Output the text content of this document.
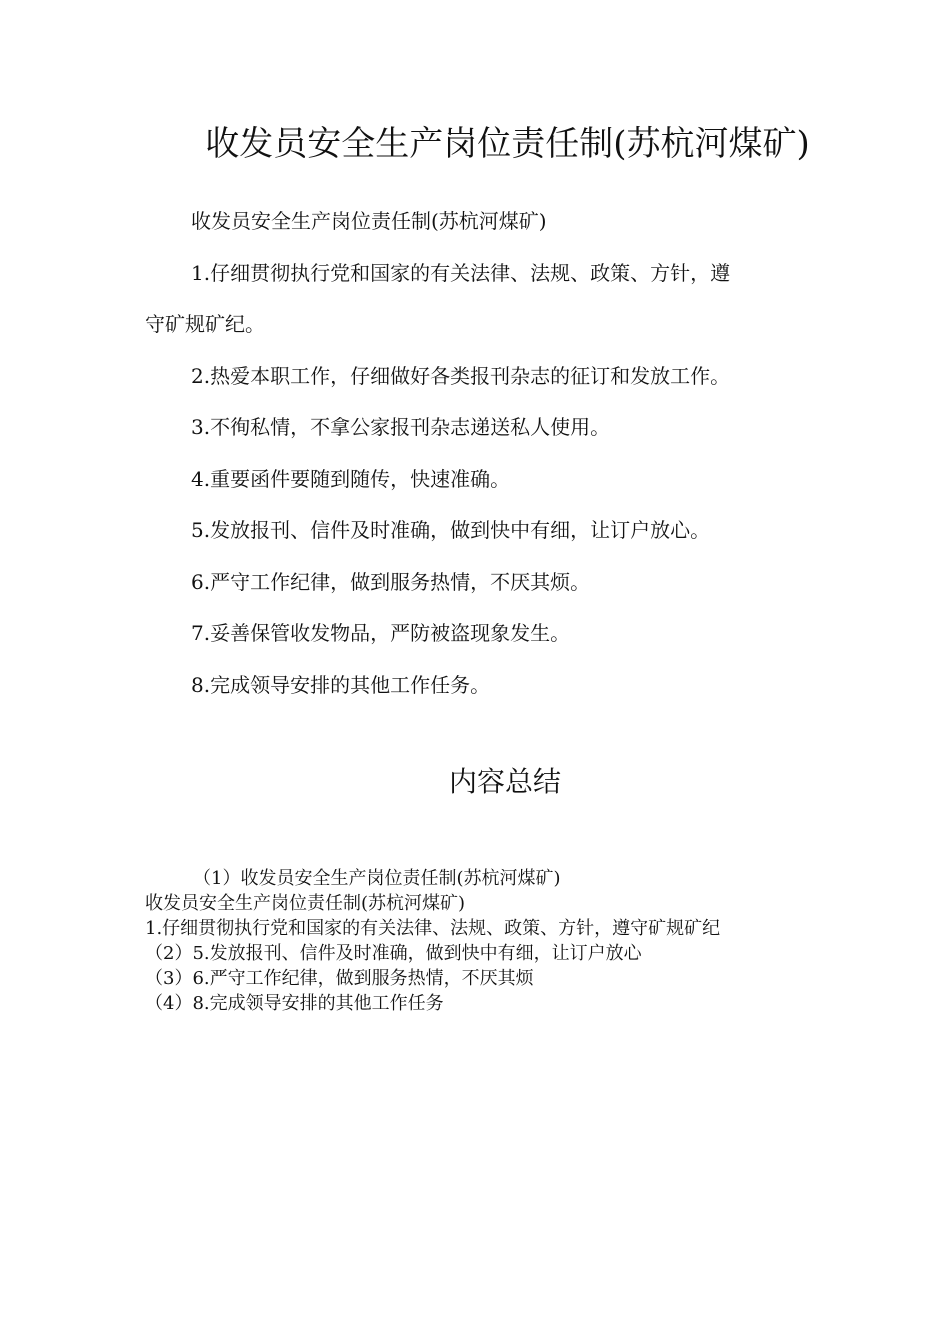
收发员安全生产岗位责任制(苏杭河煤矿)

收发员安全生产岗位责任制(苏杭河煤矿)

1.仔细贯彻执行党和国家的有关法律、法规、政策、方针，遵

守矿规矿纪。

2.热爱本职工作，仔细做好各类报刊杂志的征订和发放工作。

3.不徇私情，不拿公家报刊杂志递送私人使用。

4.重要函件要随到随传，快速准确。

5.发放报刊、信件及时准确，做到快中有细，让订户放心。

6.严守工作纪律，做到服务热情，不厌其烦。

7.妥善保管收发物品，严防被盗现象发生。

8.完成领导安排的其他工作任务。

内容总结

（1）收发员安全生产岗位责任制(苏杭河煤矿)

收发员安全生产岗位责任制(苏杭河煤矿)

1.仔细贯彻执行党和国家的有关法律、法规、政策、方针，遵守矿规矿纪

（2）5.发放报刊、信件及时准确，做到快中有细，让订户放心

（3）6.严守工作纪律，做到服务热情，不厌其烦

（4）8.完成领导安排的其他工作任务
